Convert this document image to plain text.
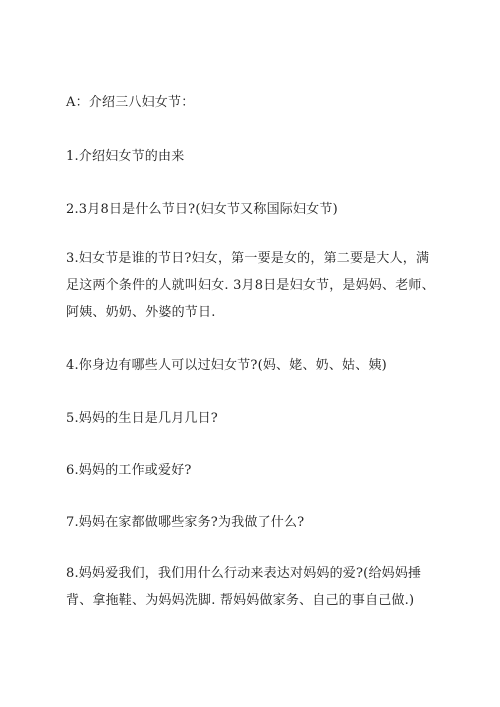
A：介绍三八妇女节：

1.介绍妇女节的由来

2.3月8日是什么节日?(妇女节又称国际妇女节)

3.妇女节是谁的节日?妇女，第一要是女的，第二要是大人，满足这两个条件的人就叫妇女. 3月8日是妇女节，是妈妈、老师、阿姨、奶奶、外婆的节日.

4.你身边有哪些人可以过妇女节?(妈、姥、奶、姑、姨)

5.妈妈的生日是几月几日?

6.妈妈的工作或爱好?

7.妈妈在家都做哪些家务?为我做了什么?

8.妈妈爱我们，我们用什么行动来表达对妈妈的爱?(给妈妈捶背、拿拖鞋、为妈妈洗脚. 帮妈妈做家务、自己的事自己做.)
